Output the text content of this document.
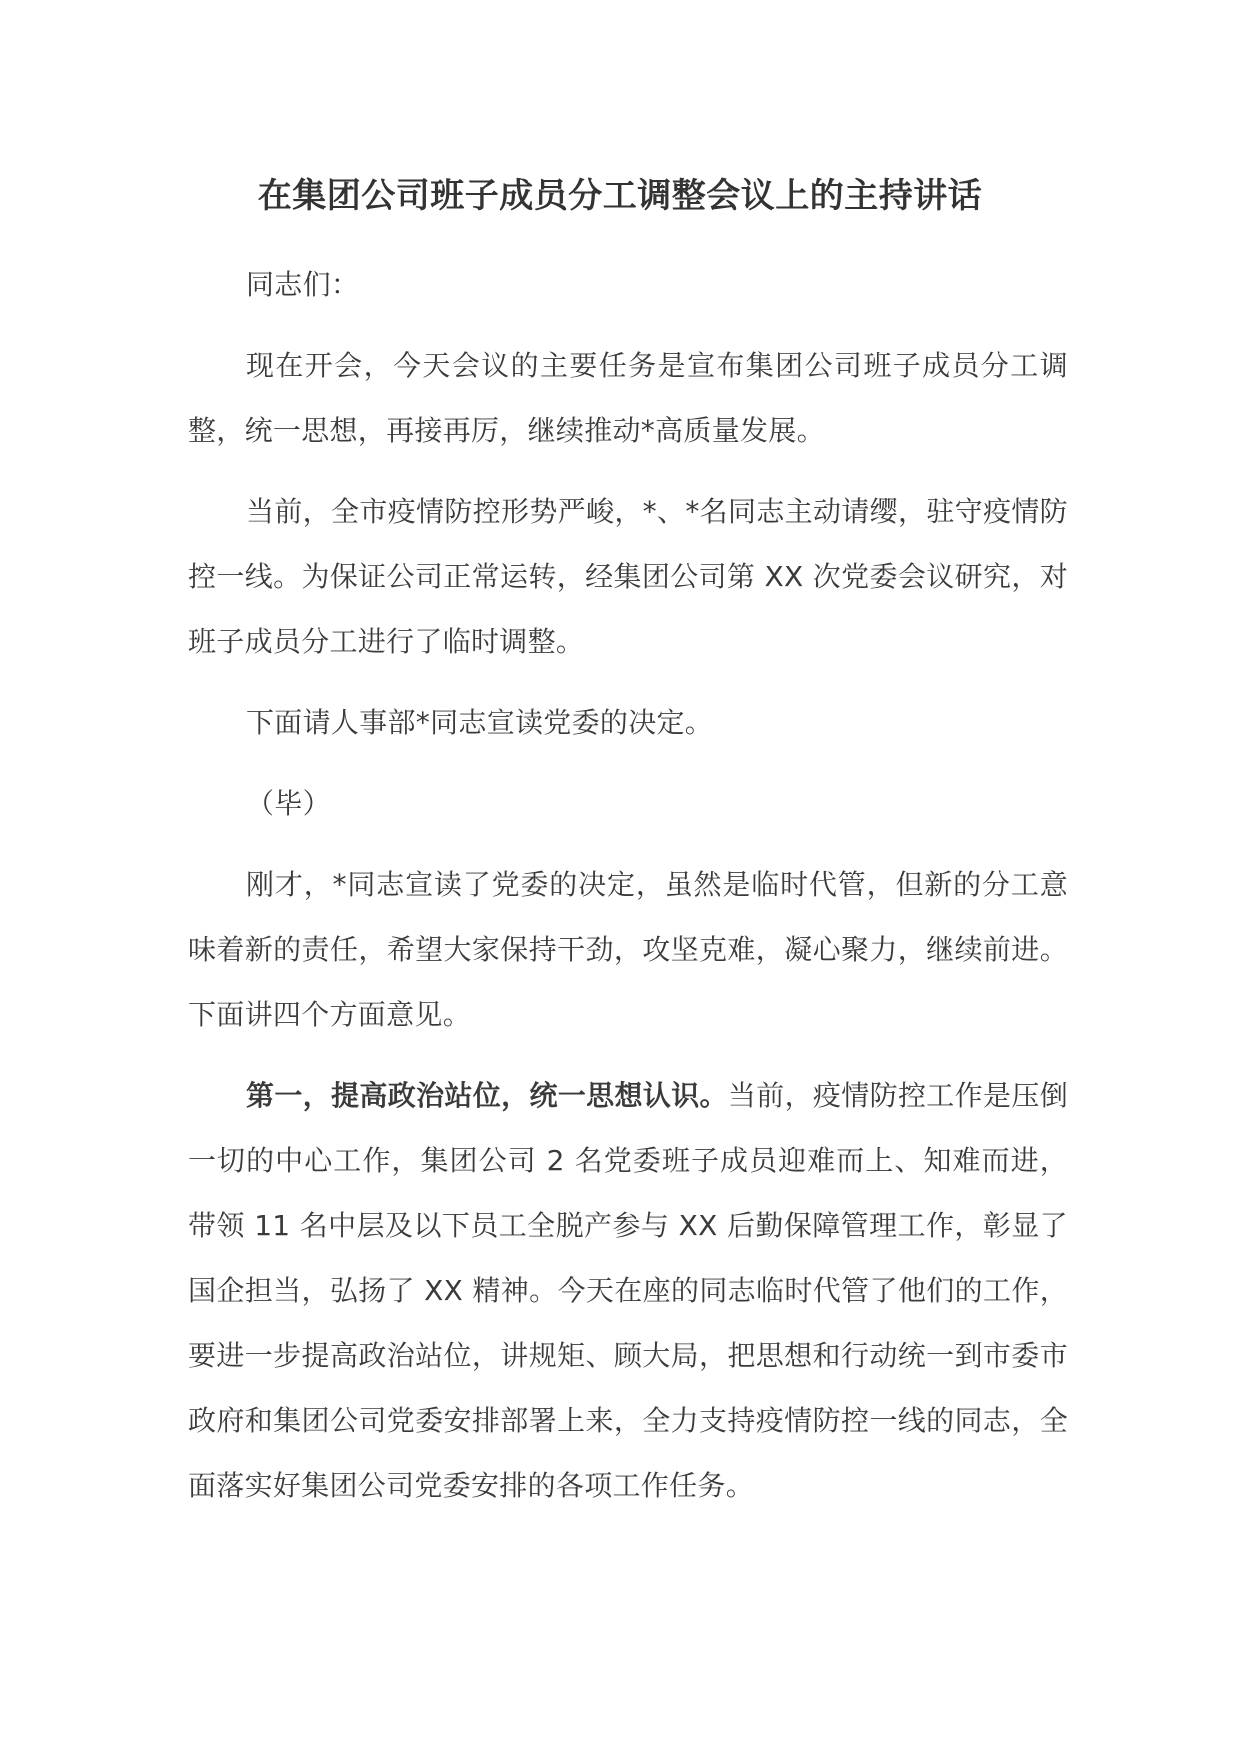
在集团公司班子成员分工调整会议上的主持讲话

同志们：

现在开会，今天会议的主要任务是宣布集团公司班子成员分工调整，统一思想，再接再厉，继续推动*高质量发展。

当前，全市疫情防控形势严峻，*、*名同志主动请缨，驻守疫情防控一线。为保证公司正常运转，经集团公司第 XX 次党委会议研究，对班子成员分工进行了临时调整。

下面请人事部*同志宣读党委的决定。

（毕）

刚才，*同志宣读了党委的决定，虽然是临时代管，但新的分工意味着新的责任，希望大家保持干劲，攻坚克难，凝心聚力，继续前进。下面讲四个方面意见。

第一，提高政治站位，统一思想认识。当前，疫情防控工作是压倒一切的中心工作，集团公司 2 名党委班子成员迎难而上、知难而进，带领 11 名中层及以下员工全脱产参与 XX 后勤保障管理工作，彰显了国企担当，弘扬了 XX 精神。今天在座的同志临时代管了他们的工作，要进一步提高政治站位，讲规矩、顾大局，把思想和行动统一到市委市政府和集团公司党委安排部署上来，全力支持疫情防控一线的同志，全面落实好集团公司党委安排的各项工作任务。
